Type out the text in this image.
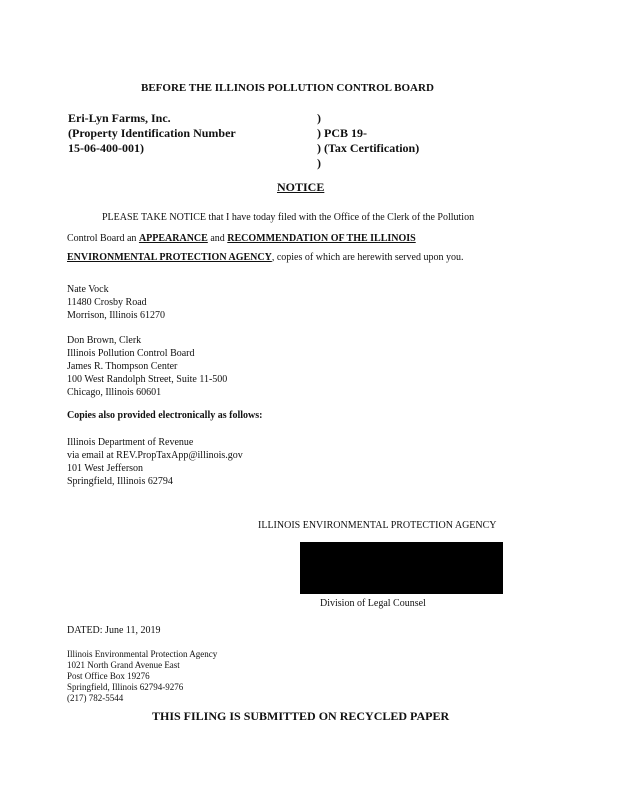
BEFORE THE ILLINOIS POLLUTION CONTROL BOARD
Eri-Lyn Farms, Inc.
(Property Identification Number
15-06-400-001)
)
) PCB 19-
) (Tax Certification)
)
NOTICE
PLEASE TAKE NOTICE that I have today filed with the Office of the Clerk of the Pollution
Control Board an APPEARANCE and RECOMMENDATION OF THE ILLINOIS
ENVIRONMENTAL PROTECTION AGENCY, copies of which are herewith served upon you.
Nate Vock
11480 Crosby Road
Morrison, Illinois 61270
Don Brown, Clerk
Illinois Pollution Control Board
James R. Thompson Center
100 West Randolph Street, Suite 11-500
Chicago, Illinois 60601
Copies also provided electronically as follows:
Illinois Department of Revenue
via email at REV.PropTaxApp@illinois.gov
101 West Jefferson
Springfield, Illinois 62794
ILLINOIS ENVIRONMENTAL PROTECTION AGENCY
Division of Legal Counsel
DATED: June 11, 2019
Illinois Environmental Protection Agency
1021 North Grand Avenue East
Post Office Box 19276
Springfield, Illinois 62794-9276
(217) 782-5544
THIS FILING IS SUBMITTED ON RECYCLED PAPER
